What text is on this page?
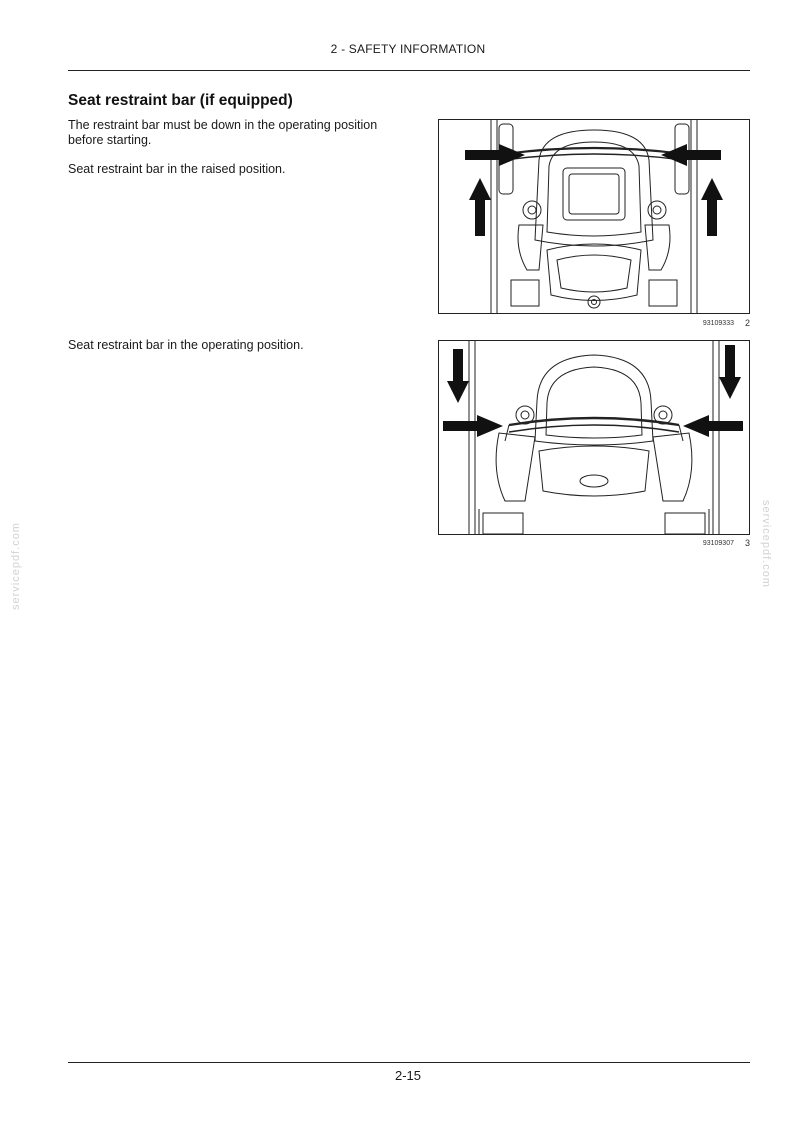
2 - SAFETY INFORMATION
Seat restraint bar (if equipped)
The restraint bar must be down in the operating position before starting.
Seat restraint bar in the raised position.
Seat restraint bar in the operating position.
93109333 2
93109307 3
servicepdf.com	servicepdf.com
2-15
